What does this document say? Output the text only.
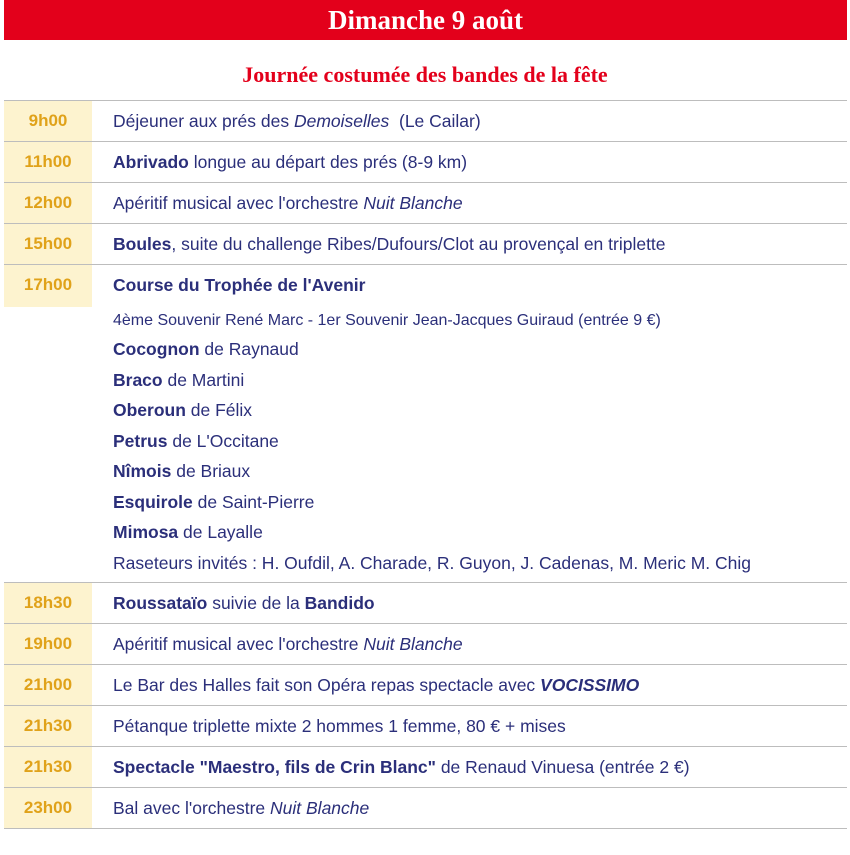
Dimanche 9 août
Journée costumée des bandes de la fête
9h00	Déjeuner aux prés des Demoiselles  (Le Cailar)
11h00	Abrivado longue au départ des prés (8-9 km)
12h00	Apéritif musical avec l'orchestre Nuit Blanche
15h00	Boules, suite du challenge Ribes/Dufours/Clot au provençal en triplette
17h00	Course du Trophée de l'Avenir
4ème Souvenir René Marc - 1er Souvenir Jean-Jacques Guiraud (entrée 9 €)
Cocognon de Raynaud
Braco de Martini
Oberoun de Félix
Petrus de L'Occitane
Nîmois de Briaux
Esquirole de Saint-Pierre
Mimosa de Layalle
Raseteurs invités : H. Oufdil, A. Charade, R. Guyon, J. Cadenas, M. Meric M. Chig
18h30	Roussataïo suivie de la Bandido
19h00	Apéritif musical avec l'orchestre Nuit Blanche
21h00	Le Bar des Halles fait son Opéra repas spectacle avec VOCISSIMO
21h30	Pétanque triplette mixte 2 hommes 1 femme, 80 € + mises
21h30	Spectacle "Maestro, fils de Crin Blanc" de Renaud Vinuesa (entrée 2 €)
23h00	Bal avec l'orchestre Nuit Blanche
